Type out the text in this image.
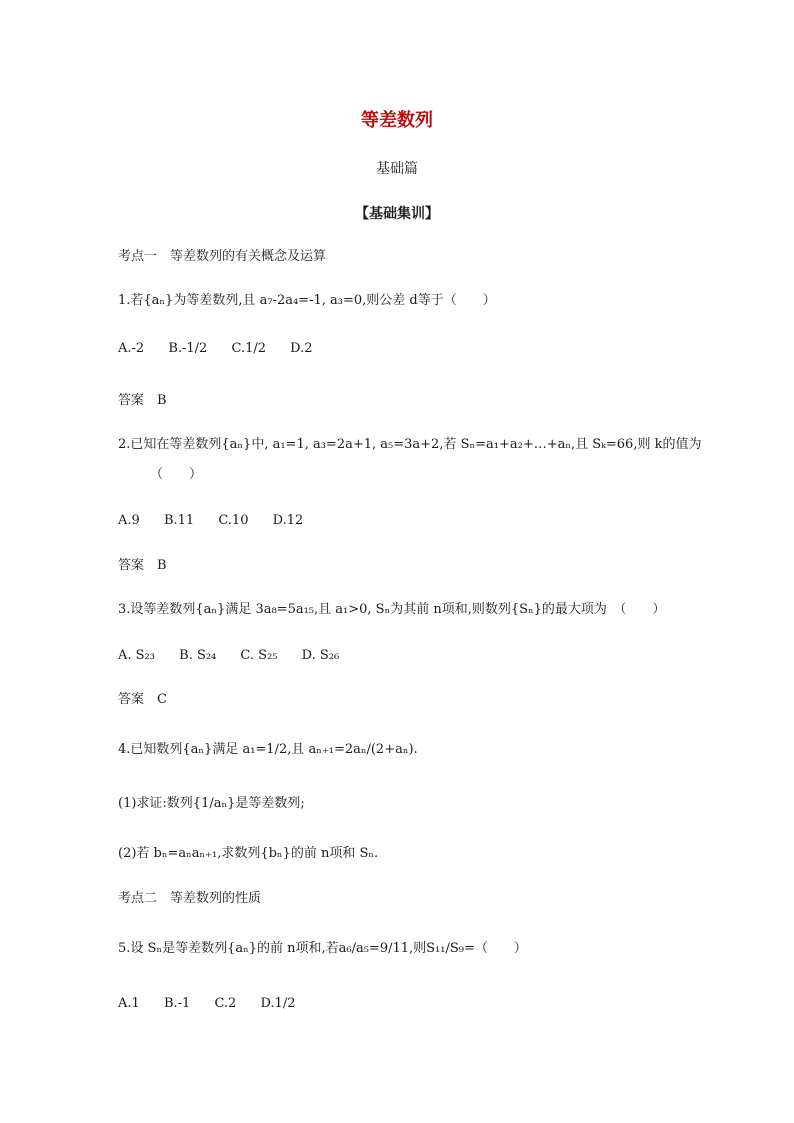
等差数列
基础篇
【基础集训】
考点一　等差数列的有关概念及运算
1.若{aₙ}为等差数列,且 a₇-2a₄=-1, a₃=0,则公差 d等于（　　）
A.-2 B.-1/2 C.1/2 D.2
答案　B
2.已知在等差数列{aₙ}中, a₁=1, a₃=2a+1, a₅=3a+2,若 Sₙ=a₁+a₂+…+aₙ,且 Sₖ=66,则 k的值为
（　　）
A.9 B.11 C.10 D.12
答案　B
3.设等差数列{aₙ}满足 3a₈=5a₁₅,且 a₁>0, Sₙ为其前 n项和,则数列{Sₙ}的最大项为　（　　）
A. S₂₃ B. S₂₄ C. S₂₅ D. S₂₆
答案　C
4.已知数列{aₙ}满足 a₁=1/2,且 aₙ₊₁=2aₙ/(2+aₙ).
(1)求证:数列{1/aₙ}是等差数列;
(2)若 bₙ=aₙaₙ₊₁,求数列{bₙ}的前 n项和 Sₙ.
考点二　等差数列的性质
5.设 Sₙ是等差数列{aₙ}的前 n项和,若a₆/a₅=9/11,则S₁₁/S₉=（　　）
A.1 B.-1 C.2 D.1/2
